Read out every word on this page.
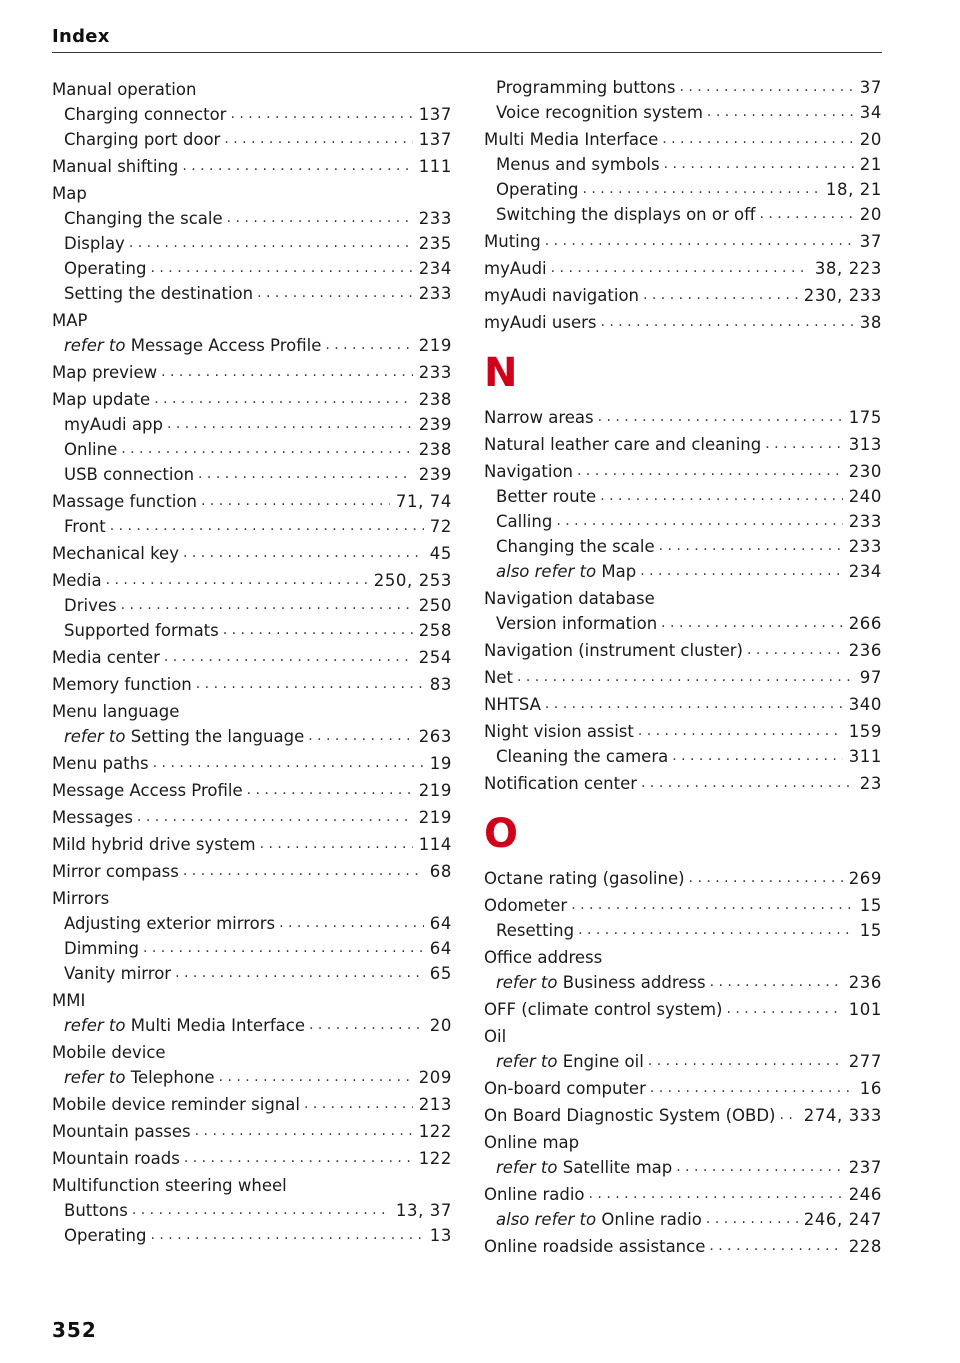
Index
Manual operation
Charging connector . . .	137
Charging port door . . .	137
Manual shifting . . .	111
Map
Changing the scale . . .	233
Display . . .	235
Operating . . .	234
Setting the destination . . .	233
MAP
refer to Message Access Profile . . .	219
Map preview . . .	233
Map update . . .	238
myAudi app . . .	239
Online . . .	238
USB connection . . .	239
Massage function . . .	71, 74
Front . . .	72
Mechanical key . . .	45
Media . . .	250, 253
Drives . . .	250
Supported formats . . .	258
Media center . . .	254
Memory function . . .	83
Menu language
refer to Setting the language . . .	263
Menu paths . . .	19
Message Access Profile . . .	219
Messages . . .	219
Mild hybrid drive system . . .	114
Mirror compass . . .	68
Mirrors
Adjusting exterior mirrors . . .	64
Dimming . . .	64
Vanity mirror . . .	65
MMI
refer to Multi Media Interface . . .	20
Mobile device
refer to Telephone . . .	209
Mobile device reminder signal . . .	213
Mountain passes . . .	122
Mountain roads . . .	122
Multifunction steering wheel
Buttons . . .	13, 37
Operating . . .	13
Programming buttons . . .	37
Voice recognition system . . .	34
Multi Media Interface . . .	20
Menus and symbols . . .	21
Operating . . .	18, 21
Switching the displays on or off . . .	20
Muting . . .	37
myAudi . . .	38, 223
myAudi navigation . . .	230, 233
myAudi users . . .	38
N
Narrow areas . . .	175
Natural leather care and cleaning . . .	313
Navigation . . .	230
Better route . . .	240
Calling . . .	233
Changing the scale . . .	233
also refer to Map . . .	234
Navigation database
Version information . . .	266
Navigation (instrument cluster) . . .	236
Net . . .	97
NHTSA . . .	340
Night vision assist . . .	159
Cleaning the camera . . .	311
Notification center . . .	23
O
Octane rating (gasoline) . . .	269
Odometer . . .	15
Resetting . . .	15
Office address
refer to Business address . . .	236
OFF (climate control system) . . .	101
Oil
refer to Engine oil . . .	277
On-board computer . . .	16
On Board Diagnostic System (OBD) . . .	274, 333
Online map
refer to Satellite map . . .	237
Online radio . . .	246
also refer to Online radio . . .	246, 247
Online roadside assistance . . .	228
352
